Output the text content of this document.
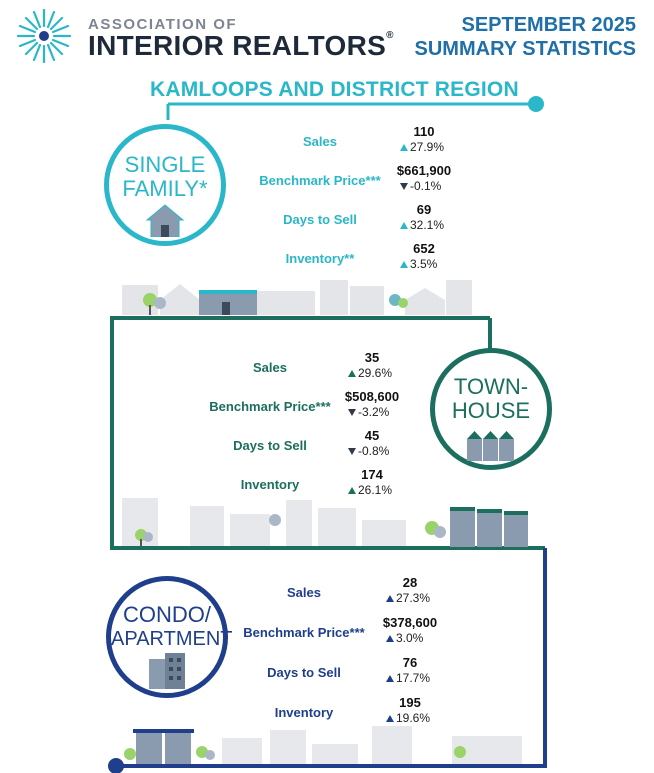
ASSOCIATION OF
INTERIOR REALTORS®	SEPTEMBER 2025
SUMMARY STATISTICS
KAMLOOPS AND DISTRICT REGION
SINGLE
FAMILY*
Sales
110
27.9%
Benchmark Price***
$661,900
-0.1%
Days to Sell
69
32.1%
Inventory**
652
3.5%
TOWN-
HOUSE
Sales
35
29.6%
Benchmark Price***
$508,600
-3.2%
Days to Sell
45
-0.8%
Inventory
174
26.1%
CONDO/
APARTMENT
Sales
28
27.3%
Benchmark Price***
$378,600
3.0%
Days to Sell
76
17.7%
Inventory
195
19.6%
